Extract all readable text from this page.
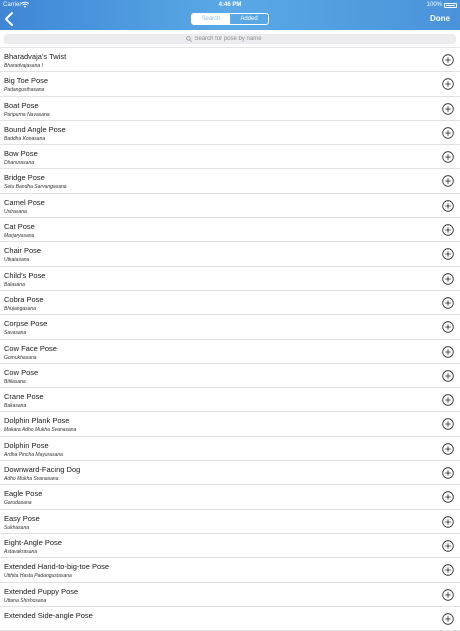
Carrier	4:46 PM	100%
Search	Added	Done
Search for pose by name
Bharadvaja's Twist
Bharadvajasana I
Big Toe Pose
Padangusthasana
Boat Pose
Paripurna Navasana
Bound Angle Pose
Baddha Konasana
Bow Pose
Dhanurasana
Bridge Pose
Setu Bandha Sarvangasana
Camel Pose
Ustrasana
Cat Pose
Marjaryasana
Chair Pose
Utkatasana
Child's Pose
Balasana
Cobra Pose
Bhujangasana
Corpse Pose
Savasana
Cow Face Pose
Gomukhasana
Cow Pose
Bitilasana
Crane Pose
Bakasana
Dolphin Plank Pose
Makara Adho Mukha Svanasana
Dolphin Pose
Ardha Pincha Mayurasana
Downward-Facing Dog
Adho Mukha Svanasana
Eagle Pose
Garudasana
Easy Pose
Sukhasana
Eight-Angle Pose
Astavakrasana
Extended Hand-to-big-toe Pose
Utthita Hasta Padangustasana
Extended Puppy Pose
Uttana Shishosana
Extended Side-angle Pose
